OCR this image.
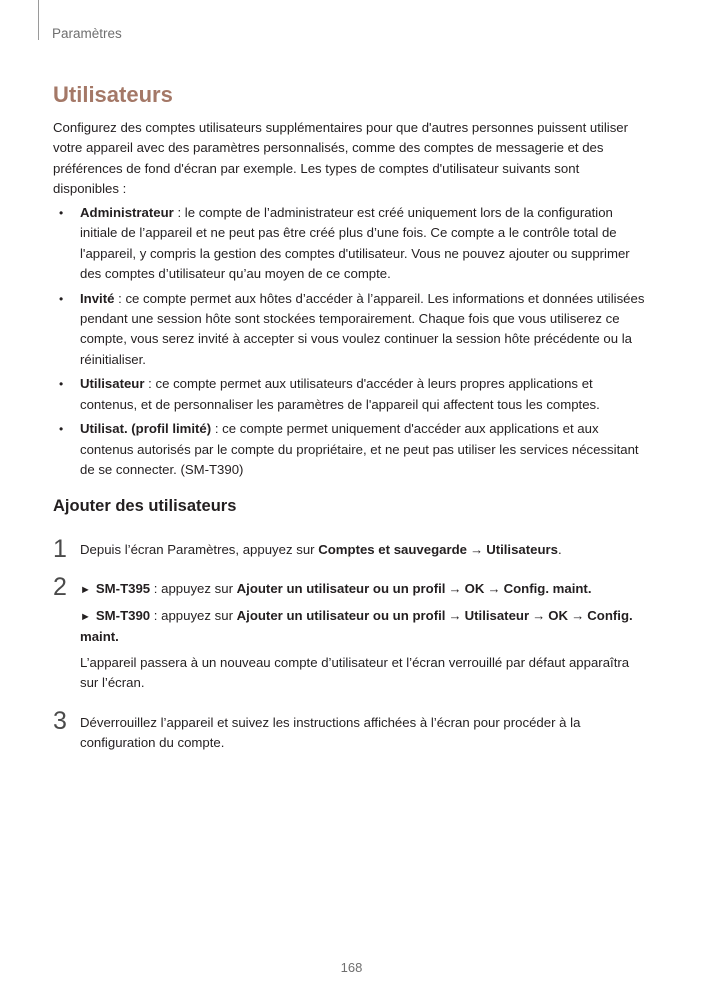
Paramètres
Utilisateurs

Configurez des comptes utilisateurs supplémentaires pour que d'autres personnes puissent utiliser votre appareil avec des paramètres personnalisés, comme des comptes de messagerie et des préférences de fond d'écran par exemple. Les types de comptes d'utilisateur suivants sont disponibles :

• Administrateur : le compte de l’administrateur est créé uniquement lors de la configuration initiale de l’appareil et ne peut pas être créé plus d’une fois. Ce compte a le contrôle total de l'appareil, y compris la gestion des comptes d'utilisateur. Vous ne pouvez ajouter ou supprimer des comptes d’utilisateur qu’au moyen de ce compte.
• Invité : ce compte permet aux hôtes d’accéder à l’appareil. Les informations et données utilisées pendant une session hôte sont stockées temporairement. Chaque fois que vous utiliserez ce compte, vous serez invité à accepter si vous voulez continuer la session hôte précédente ou la réinitialiser.
• Utilisateur : ce compte permet aux utilisateurs d'accéder à leurs propres applications et contenus, et de personnaliser les paramètres de l'appareil qui affectent tous les comptes.
• Utilisat. (profil limité) : ce compte permet uniquement d'accéder aux applications et aux contenus autorisés par le compte du propriétaire, et ne peut pas utiliser les services nécessitant de se connecter. (SM-T390)
Ajouter des utilisateurs
1 Depuis l’écran Paramètres, appuyez sur Comptes et sauvegarde → Utilisateurs.

2 ► SM-T395 : appuyez sur Ajouter un utilisateur ou un profil → OK → Config. maint.

► SM-T390 : appuyez sur Ajouter un utilisateur ou un profil → Utilisateur → OK → Config. maint.

L’appareil passera à un nouveau compte d’utilisateur et l’écran verrouillé par défaut apparaîtra sur l’écran.

3 Déverrouillez l’appareil et suivez les instructions affichées à l’écran pour procéder à la configuration du compte.

168
